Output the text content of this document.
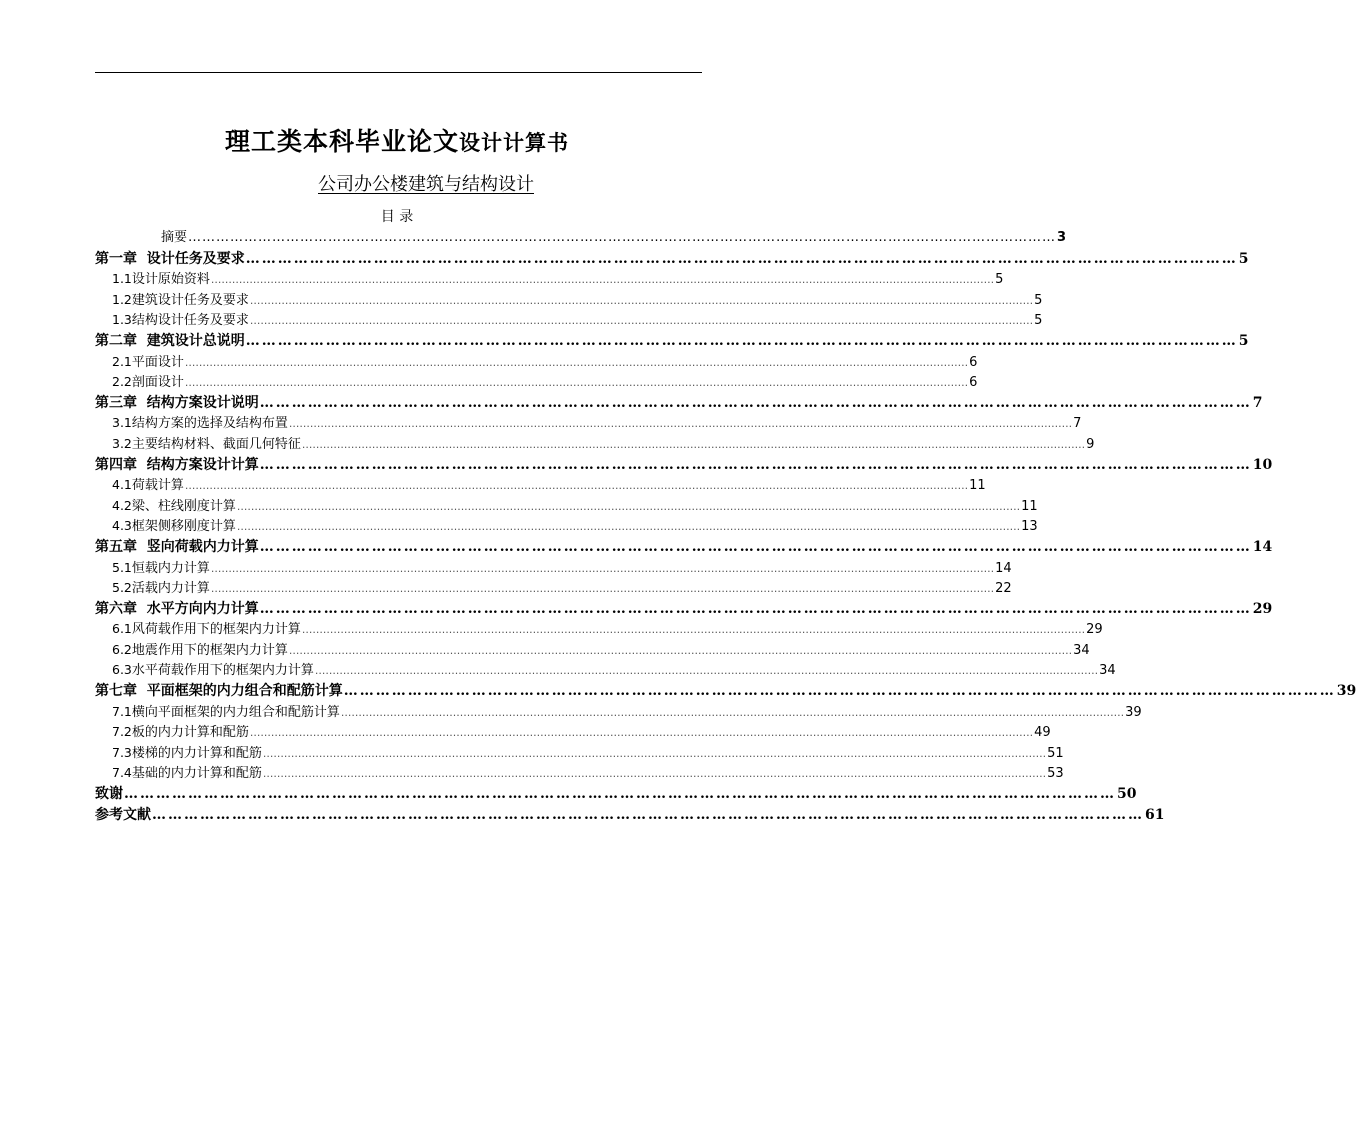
理工类本科毕业论文设计计算书
公司办公楼建筑与结构设计
目 录
摘要 …………………………………………………………………………………………………………………………………………………………………… 3
第一章
设计任务及要求 …………………………………………………………………………………………………………………………………………………………………… 5
1.1 设计原始资料 ................................................................................................................................................................................................................................ 5
1.2 建筑设计任务及要求 ................................................................................................................................................................................................................................ 5
1.3 结构设计任务及要求 ................................................................................................................................................................................................................................ 5
第二章
建筑设计总说明 …………………………………………………………………………………………………………………………………………………………………… 5
2.1 平面设计 ................................................................................................................................................................................................................................ 6
2.2 剖面设计 ................................................................................................................................................................................................................................ 6
第三章
结构方案设计说明 …………………………………………………………………………………………………………………………………………………………………… 7
3.1 结构方案的选择及结构布置 ................................................................................................................................................................................................................................ 7
3.2 主要结构材料、截面几何特征 ................................................................................................................................................................................................................................ 9
第四章
结构方案设计计算 …………………………………………………………………………………………………………………………………………………………………… 10
4.1 荷载计算 ................................................................................................................................................................................................................................ 11
4.2 梁、柱线刚度计算 ................................................................................................................................................................................................................................ 11
4.3 框架侧移刚度计算 ................................................................................................................................................................................................................................ 13
第五章
竖向荷载内力计算 …………………………………………………………………………………………………………………………………………………………………… 14
5.1 恒载内力计算 ................................................................................................................................................................................................................................ 14
5.2 活载内力计算 ................................................................................................................................................................................................................................ 22
第六章
水平方向内力计算 …………………………………………………………………………………………………………………………………………………………………… 29
6.1 风荷载作用下的框架内力计算 ................................................................................................................................................................................................................................ 29
6.2 地震作用下的框架内力计算 ................................................................................................................................................................................................................................ 34
6.3 水平荷载作用下的框架内力计算 ................................................................................................................................................................................................................................ 34
第七章
平面框架的内力组合和配筋计算 …………………………………………………………………………………………………………………………………………………………………… 39
7.1 横向平面框架的内力组合和配筋计算 ................................................................................................................................................................................................................................ 39
7.2 板的内力计算和配筋 ................................................................................................................................................................................................................................ 49
7.3 楼梯的内力计算和配筋 ................................................................................................................................................................................................................................ 51
7.4 基础的内力计算和配筋 ................................................................................................................................................................................................................................ 53
致谢 …………………………………………………………………………………………………………………………………………………………………… 50
参考文献 …………………………………………………………………………………………………………………………………………………………………… 61
